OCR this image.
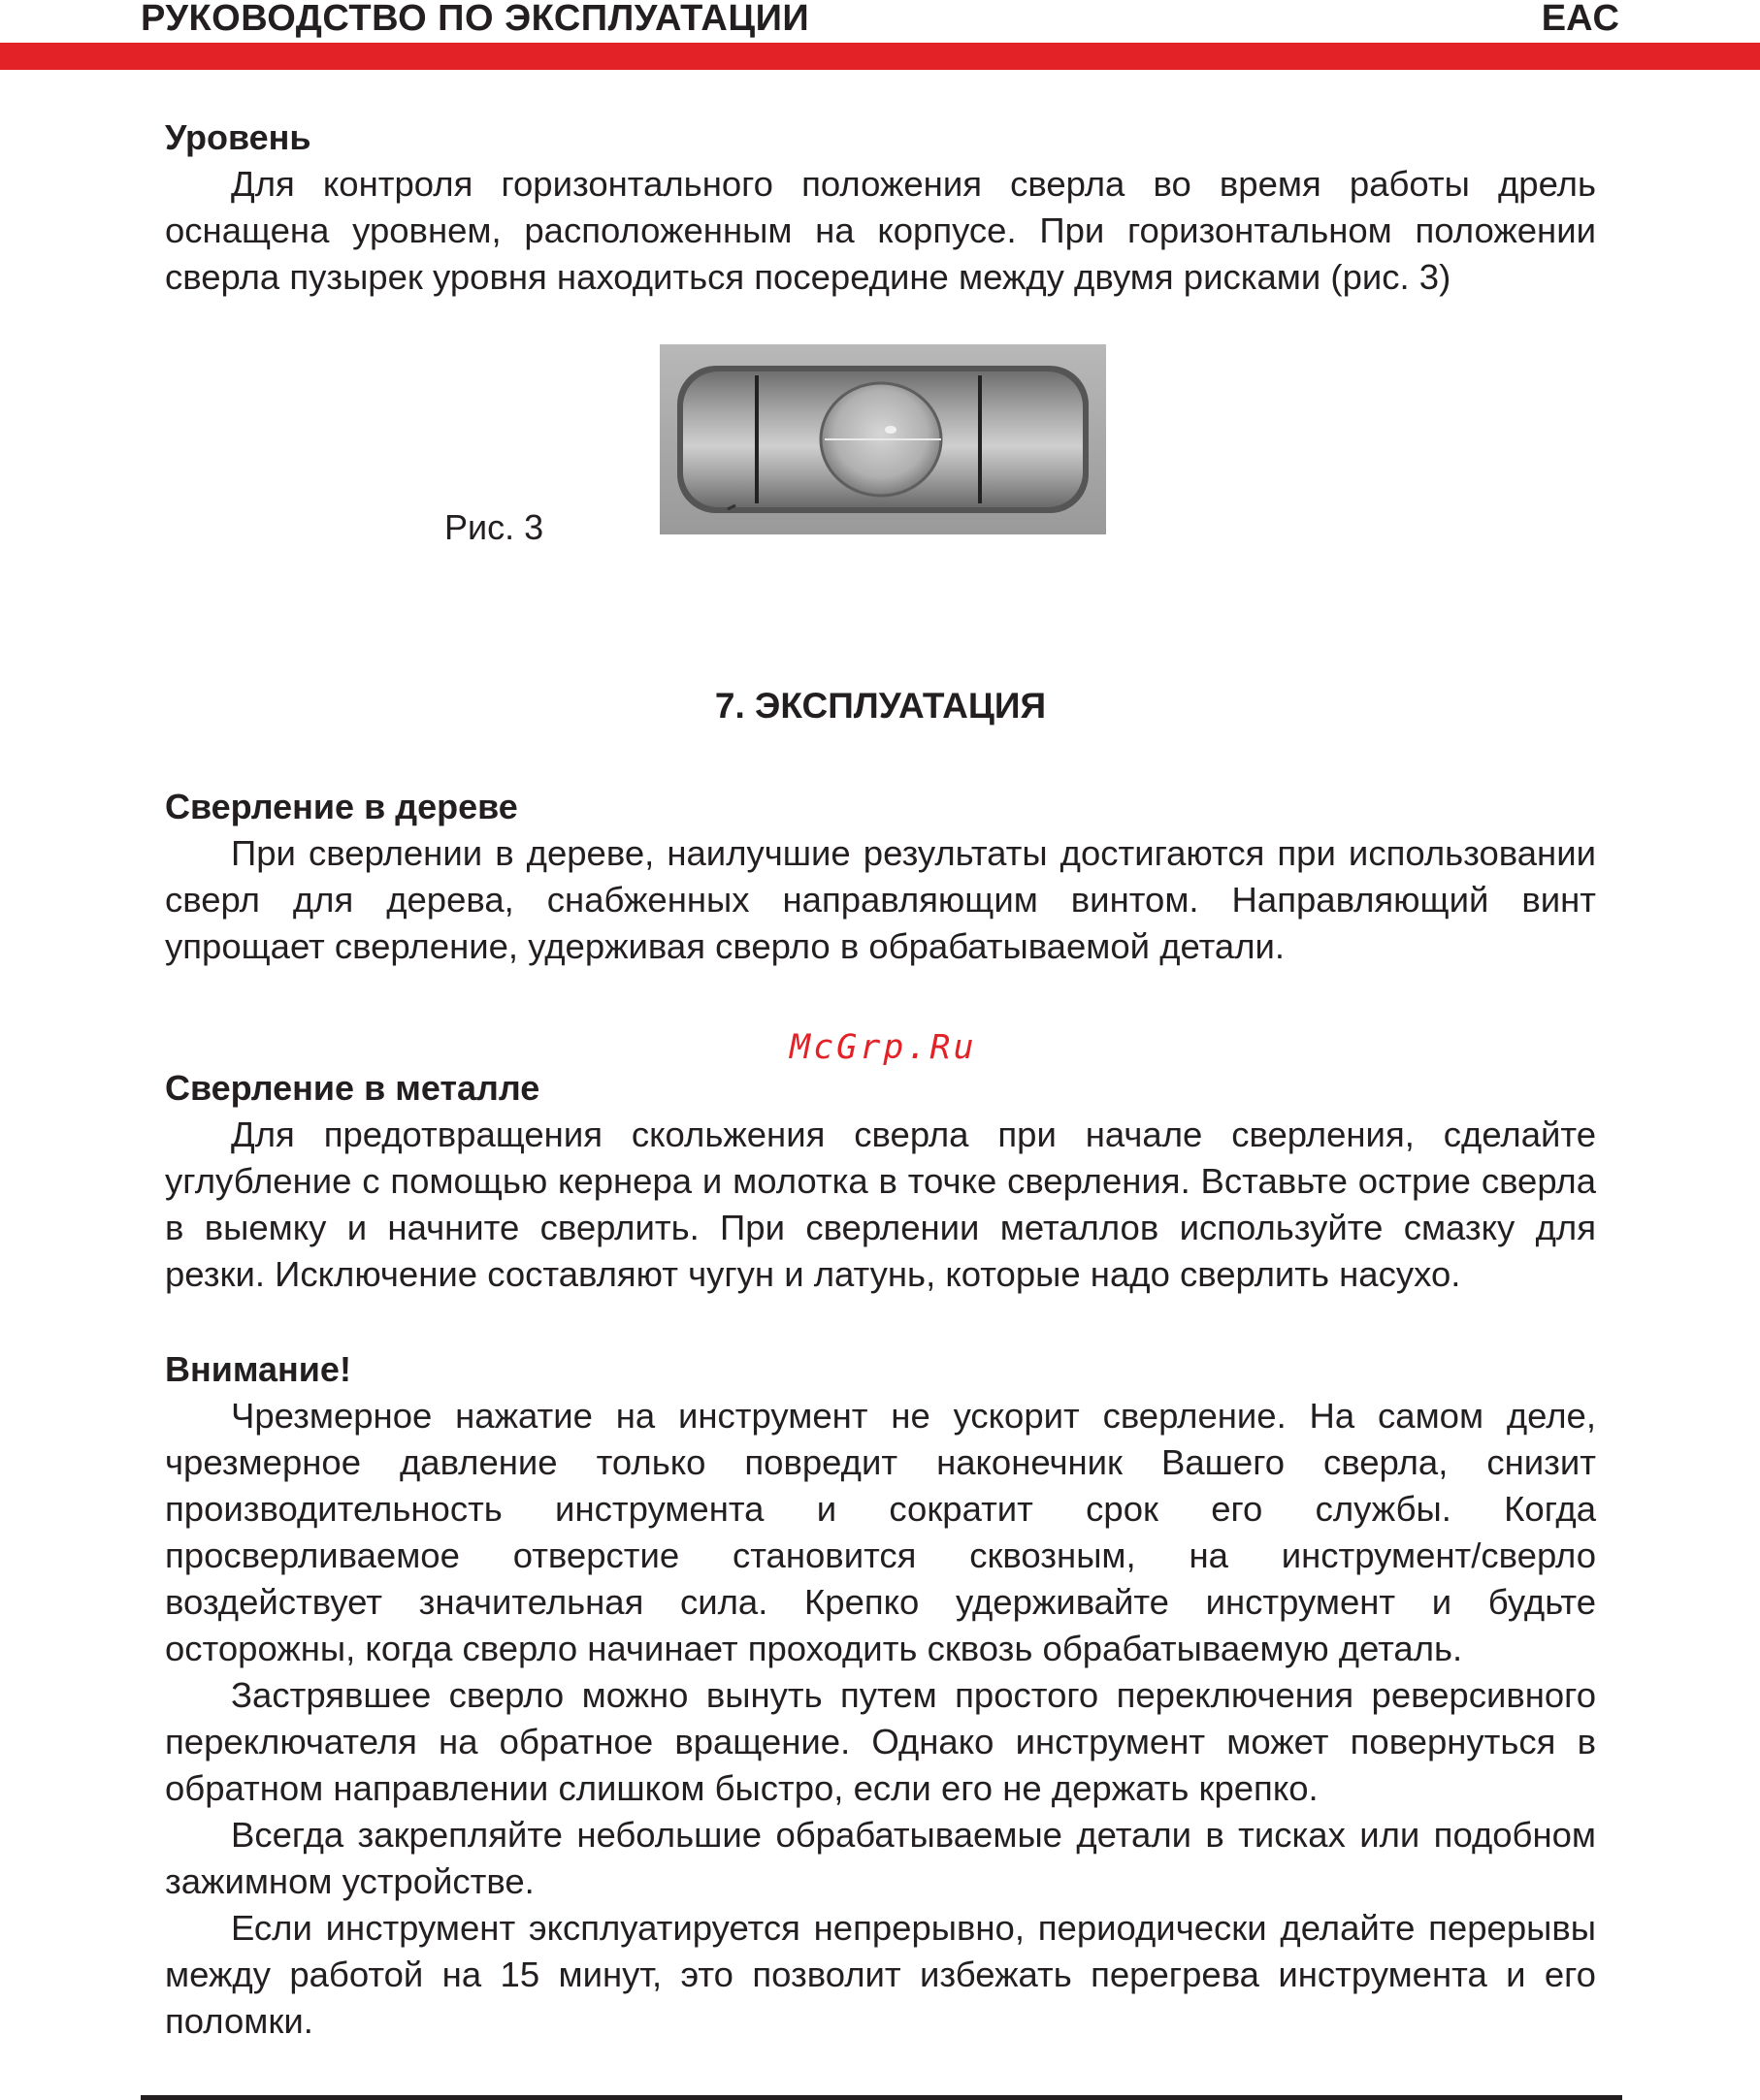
РУКОВОДСТВО ПО ЭКСПЛУАТАЦИИ	EAC
Уровень

Для контроля горизонтального положения сверла во время работы дрель оснащена уровнем, расположенным на корпусе. При горизонтальном положении сверла пузырек уровня находиться посередине между двумя рисками (рис. 3)

Рис. 3
7. ЭКСПЛУАТАЦИЯ
Сверление в дереве

При сверлении в дереве, наилучшие результаты достигаются при использовании сверл для дерева, снабженных направляющим винтом. Направляющий винт упрощает сверление, удерживая сверло в обрабатываемой детали.

Сверление в металле

Для предотвращения скольжения сверла при начале сверления, сделайте углубление с помощью кернера и молотка в точке сверления. Вставьте острие сверла в выемку и начните сверлить. При сверлении металлов используйте смазку для резки. Исключение составляют чугун и латунь, которые надо сверлить насухо.

Внимание!

Чрезмерное нажатие на инструмент не ускорит сверление. На самом деле, чрезмерное давление только повредит наконечник Вашего сверла, снизит производительность инструмента и сократит срок его службы. Когда просверливаемое отверстие становится сквозным, на инструмент/сверло воздействует значительная сила. Крепко удерживайте инструмент и будьте осторожны, когда сверло начинает проходить сквозь обрабатываемую деталь.

Застрявшее сверло можно вынуть путем простого переключения реверсивного переключателя на обратное вращение. Однако инструмент может повернуться в обратном направлении слишком быстро, если его не держать крепко.

Всегда закрепляйте небольшие обрабатываемые детали в тисках или подобном зажимном устройстве.

Если инструмент эксплуатируется непрерывно, периодически делайте перерывы между работой на 15 минут, это позволит избежать перегрева инструмента и его поломки.

McGrp.Ru
